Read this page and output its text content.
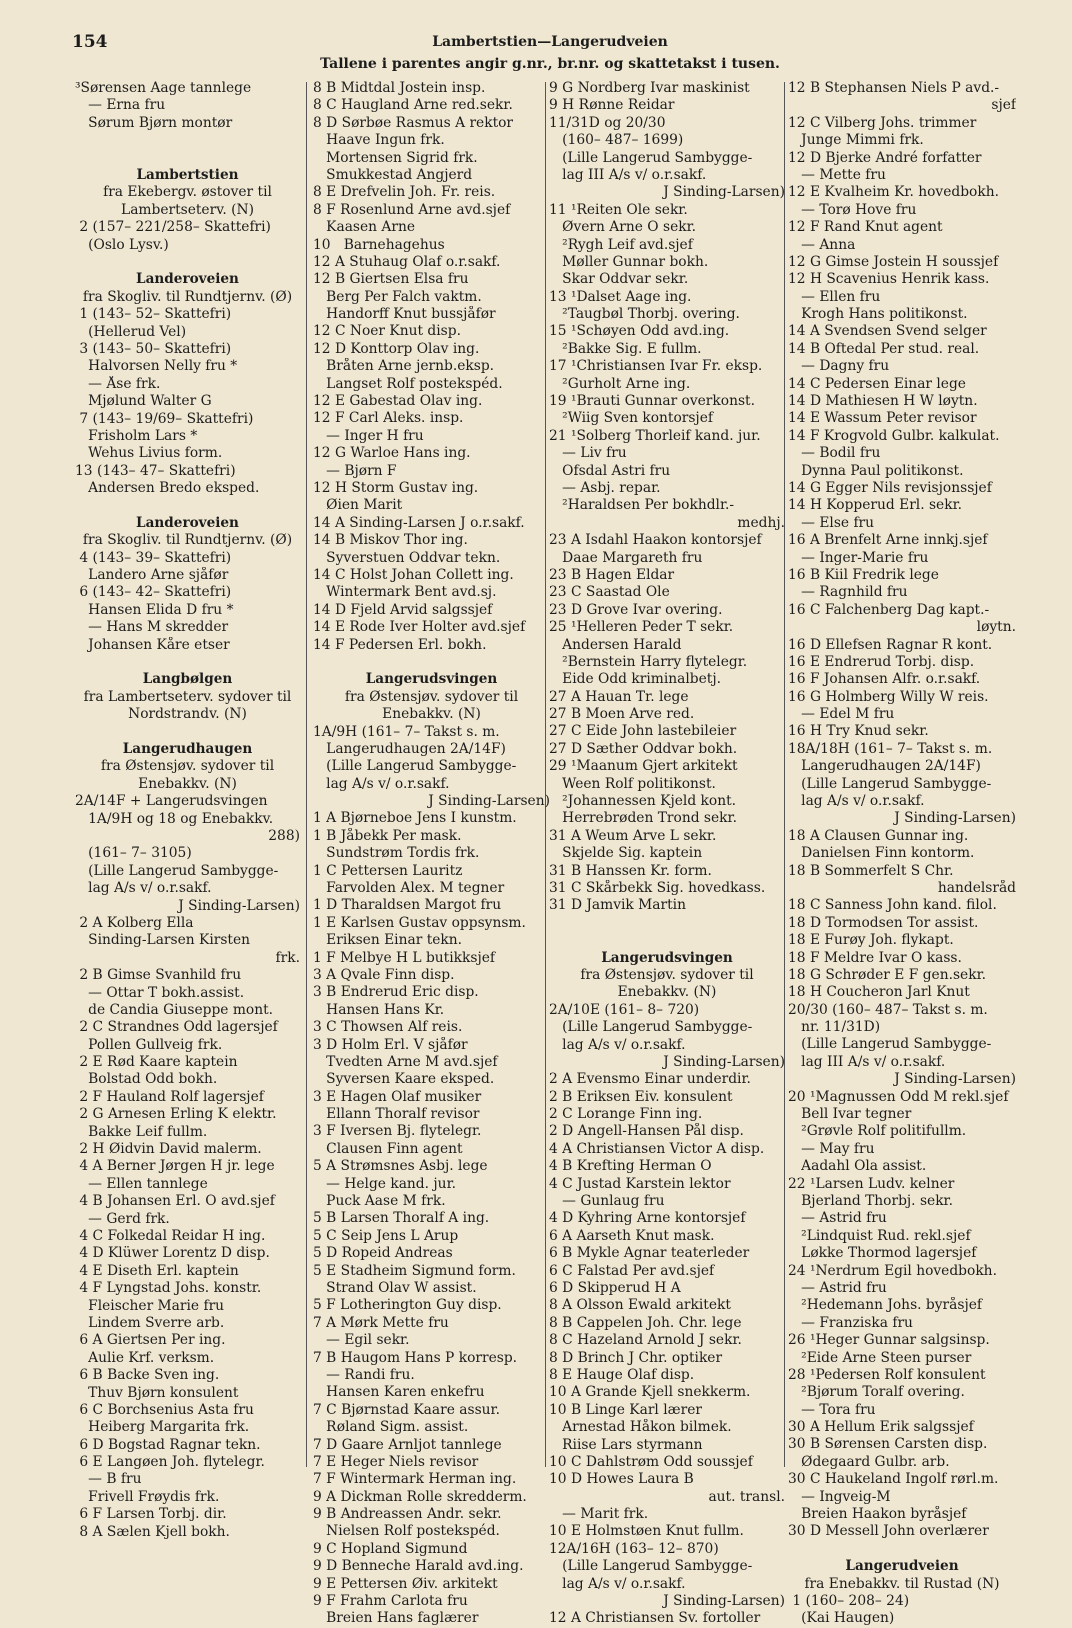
154	Lambertstien—Langerudveien
Tallene i parentes angir g.nr., br.nr. og skattetakst i tusen.
³Sørensen Aage tannlege
— Erna fru
Sørum Bjørn montør
Lambertstien
fra Ekebergv. østover til
Lambertseterv. (N)
2 (157– 221/258– Skattefri)
(Oslo Lysv.)
Landeroveien
fra Skogliv. til Rundtjernv. (Ø)
1 (143– 52– Skattefri)
(Hellerud Vel)
3 (143– 50– Skattefri)
Halvorsen Nelly fru *
— Åse frk.
Mjølund Walter G
7 (143– 19/69– Skattefri)
Frisholm Lars *
Wehus Livius form.
13 (143– 47– Skattefri)
Andersen Bredo eksped.
Landeroveien
fra Skogliv. til Rundtjernv. (Ø)
4 (143– 39– Skattefri)
Landero Arne sjåfør
6 (143– 42– Skattefri)
Hansen Elida D fru *
— Hans M skredder
Johansen Kåre etser
Langbølgen
fra Lambertseterv. sydover til
Nordstrandv. (N)
Langerudhaugen
fra Østensjøv. sydover til
Enebakkv. (N)
2A/14F + Langerudsvingen
1A/9H og 18 og Enebakkv.
288)
(161– 7– 3105)
(Lille Langerud Sambygge-
lag A/s v/ o.r.sakf.
J Sinding-Larsen)
2 A Kolberg Ella
Sinding-Larsen Kirsten
frk.
2 B Gimse Svanhild fru
— Ottar T bokh.assist.
de Candia Giuseppe mont.
2 C Strandnes Odd lagersjef
Pollen Gullveig frk.
2 E Rød Kaare kaptein
Bolstad Odd bokh.
2 F Hauland Rolf lagersjef
2 G Arnesen Erling K elektr.
Bakke Leif fullm.
2 H Øidvin David malerm.
4 A Berner Jørgen H jr. lege
— Ellen tannlege
4 B Johansen Erl. O avd.sjef
— Gerd frk.
4 C Folkedal Reidar H ing.
4 D Klüwer Lorentz D disp.
4 E Diseth Erl. kaptein
4 F Lyngstad Johs. konstr.
Fleischer Marie fru
Lindem Sverre arb.
6 A Giertsen Per ing.
Aulie Krf. verksm.
6 B Backe Sven ing.
Thuv Bjørn konsulent
6 C Borchsenius Asta fru
Heiberg Margarita frk.
6 D Bogstad Ragnar tekn.
6 E Langøen Joh. flytelegr.
— B fru
Frivell Frøydis frk.
6 F Larsen Torbj. dir.
8 A Sælen Kjell bokh.
8 B Midtdal Jostein insp.
8 C Haugland Arne red.sekr.
8 D Sørbøe Rasmus A rektor
Haave Ingun frk.
Mortensen Sigrid frk.
Smukkestad Angjerd
8 E Drefvelin Joh. Fr. reis.
8 F Rosenlund Arne avd.sjef
Kaasen Arne
10   Barnehagehus
12 A Stuhaug Olaf o.r.sakf.
12 B Giertsen Elsa fru
Berg Per Falch vaktm.
Handorff Knut bussjåfør
12 C Noer Knut disp.
12 D Konttorp Olav ing.
Bråten Arne jernb.eksp.
Langset Rolf postekspéd.
12 E Gabestad Olav ing.
12 F Carl Aleks. insp.
— Inger H fru
12 G Warloe Hans ing.
— Bjørn F
12 H Storm Gustav ing.
Øien Marit
14 A Sinding-Larsen J o.r.sakf.
14 B Miskov Thor ing.
Syverstuen Oddvar tekn.
14 C Holst Johan Collett ing.
Wintermark Bent avd.sj.
14 D Fjeld Arvid salgssjef
14 E Rode Iver Holter avd.sjef
14 F Pedersen Erl. bokh.
Langerudsvingen
fra Østensjøv. sydover til
Enebakkv. (N)
1A/9H (161– 7– Takst s. m.
Langerudhaugen 2A/14F)
(Lille Langerud Sambygge-
lag A/s v/ o.r.sakf.
J Sinding-Larsen)
1 A Bjørneboe Jens I kunstm.
1 B Jåbekk Per mask.
Sundstrøm Tordis frk.
1 C Pettersen Lauritz
Farvolden Alex. M tegner
1 D Tharaldsen Margot fru
1 E Karlsen Gustav oppsynsm.
Eriksen Einar tekn.
1 F Melbye H L butikksjef
3 A Qvale Finn disp.
3 B Endrerud Eric disp.
Hansen Hans Kr.
3 C Thowsen Alf reis.
3 D Holm Erl. V sjåfør
Tvedten Arne M avd.sjef
Syversen Kaare eksped.
3 E Hagen Olaf musiker
Ellann Thoralf revisor
3 F Iversen Bj. flytelegr.
Clausen Finn agent
5 A Strømsnes Asbj. lege
— Helge kand. jur.
Puck Aase M frk.
5 B Larsen Thoralf A ing.
5 C Seip Jens L Arup
5 D Ropeid Andreas
5 E Stadheim Sigmund form.
Strand Olav W assist.
5 F Lotherington Guy disp.
7 A Mørk Mette fru
— Egil sekr.
7 B Haugom Hans P korresp.
— Randi fru.
Hansen Karen enkefru
7 C Bjørnstad Kaare assur.
Røland Sigm. assist.
7 D Gaare Arnljot tannlege
7 E Heger Niels revisor
7 F Wintermark Herman ing.
9 A Dickman Rolle skredderm.
9 B Andreassen Andr. sekr.
Nielsen Rolf postekspéd.
9 C Hopland Sigmund
9 D Benneche Harald avd.ing.
9 E Pettersen Øiv. arkitekt
9 F Frahm Carlota fru
Breien Hans faglærer
9 G Nordberg Ivar maskinist
9 H Rønne Reidar
11/31D og 20/30
(160– 487– 1699)
(Lille Langerud Sambygge-
lag III A/s v/ o.r.sakf.
J Sinding-Larsen)
11 ¹Reiten Ole sekr.
Øvern Arne O sekr.
²Rygh Leif avd.sjef
Møller Gunnar bokh.
Skar Oddvar sekr.
13 ¹Dalset Aage ing.
²Taugbøl Thorbj. overing.
15 ¹Schøyen Odd avd.ing.
²Bakke Sig. E fullm.
17 ¹Christiansen Ivar Fr. eksp.
²Gurholt Arne ing.
19 ¹Brauti Gunnar overkonst.
²Wiig Sven kontorsjef
21 ¹Solberg Thorleif kand. jur.
— Liv fru
Ofsdal Astri fru
— Asbj. repar.
²Haraldsen Per bokhdlr.-
medhj.
23 A Isdahl Haakon kontorsjef
Daae Margareth fru
23 B Hagen Eldar
23 C Saastad Ole
23 D Grove Ivar overing.
25 ¹Helleren Peder T sekr.
Andersen Harald
²Bernstein Harry flytelegr.
Eide Odd kriminalbetj.
27 A Hauan Tr. lege
27 B Moen Arve red.
27 C Eide John lastebileier
27 D Sæther Oddvar bokh.
29 ¹Maanum Gjert arkitekt
Ween Rolf politikonst.
²Johannessen Kjeld kont.
Herrebrøden Trond sekr.
31 A Weum Arve L sekr.
Skjelde Sig. kaptein
31 B Hanssen Kr. form.
31 C Skårbekk Sig. hovedkass.
31 D Jamvik Martin
Langerudsvingen
fra Østensjøv. sydover til
Enebakkv. (N)
2A/10E (161– 8– 720)
(Lille Langerud Sambygge-
lag A/s v/ o.r.sakf.
J Sinding-Larsen)
2 A Evensmo Einar underdir.
2 B Eriksen Eiv. konsulent
2 C Lorange Finn ing.
2 D Angell-Hansen Pål disp.
4 A Christiansen Victor A disp.
4 B Krefting Herman O
4 C Justad Karstein lektor
— Gunlaug fru
4 D Kyhring Arne kontorsjef
6 A Aarseth Knut mask.
6 B Mykle Agnar teaterleder
6 C Falstad Per avd.sjef
6 D Skipperud H A
8 A Olsson Ewald arkitekt
8 B Cappelen Joh. Chr. lege
8 C Hazeland Arnold J sekr.
8 D Brinch J Chr. optiker
8 E Hauge Olaf disp.
10 A Grande Kjell snekkerm.
10 B Linge Karl lærer
Arnestad Håkon bilmek.
Riise Lars styrmann
10 C Dahlstrøm Odd soussjef
10 D Howes Laura B
aut. transl.
— Marit frk.
10 E Holmstøen Knut fullm.
12A/16H (163– 12– 870)
(Lille Langerud Sambygge-
lag A/s v/ o.r.sakf.
J Sinding-Larsen)
12 A Christiansen Sv. fortoller
12 B Stephansen Niels P avd.-
sjef
12 C Vilberg Johs. trimmer
Junge Mimmi frk.
12 D Bjerke André forfatter
— Mette fru
12 E Kvalheim Kr. hovedbokh.
— Torø Hove fru
12 F Rand Knut agent
— Anna
12 G Gimse Jostein H soussjef
12 H Scavenius Henrik kass.
— Ellen fru
Krogh Hans politikonst.
14 A Svendsen Svend selger
14 B Oftedal Per stud. real.
— Dagny fru
14 C Pedersen Einar lege
14 D Mathiesen H W løytn.
14 E Wassum Peter revisor
14 F Krogvold Gulbr. kalkulat.
— Bodil fru
Dynna Paul politikonst.
14 G Egger Nils revisjonssjef
14 H Kopperud Erl. sekr.
— Else fru
16 A Brenfelt Arne innkj.sjef
— Inger-Marie fru
16 B Kiil Fredrik lege
— Ragnhild fru
16 C Falchenberg Dag kapt.-
løytn.
16 D Ellefsen Ragnar R kont.
16 E Endrerud Torbj. disp.
16 F Johansen Alfr. o.r.sakf.
16 G Holmberg Willy W reis.
— Edel M fru
16 H Try Knud sekr.
18A/18H (161– 7– Takst s. m.
Langerudhaugen 2A/14F)
(Lille Langerud Sambygge-
lag A/s v/ o.r.sakf.
J Sinding-Larsen)
18 A Clausen Gunnar ing.
Danielsen Finn kontorm.
18 B Sommerfelt S Chr.
handelsråd
18 C Sanness John kand. filol.
18 D Tormodsen Tor assist.
18 E Furøy Joh. flykapt.
18 F Meldre Ivar O kass.
18 G Schrøder E F gen.sekr.
18 H Coucheron Jarl Knut
20/30 (160– 487– Takst s. m.
nr. 11/31D)
(Lille Langerud Sambygge-
lag III A/s v/ o.r.sakf.
J Sinding-Larsen)
20 ¹Magnussen Odd M rekl.sjef
Bell Ivar tegner
²Grøvle Rolf politifullm.
— May fru
Aadahl Ola assist.
22 ¹Larsen Ludv. kelner
Bjerland Thorbj. sekr.
— Astrid fru
²Lindquist Rud. rekl.sjef
Løkke Thormod lagersjef
24 ¹Nerdrum Egil hovedbokh.
— Astrid fru
²Hedemann Johs. byråsjef
— Franziska fru
26 ¹Heger Gunnar salgsinsp.
²Eide Arne Steen purser
28 ¹Pedersen Rolf konsulent
²Bjørum Toralf overing.
— Tora fru
30 A Hellum Erik salgssjef
30 B Sørensen Carsten disp.
Ødegaard Gulbr. arb.
30 C Haukeland Ingolf rørl.m.
— Ingveig-M
Breien Haakon byråsjef
30 D Messell John overlærer
Langerudveien
fra Enebakkv. til Rustad (N)
1 (160– 208– 24)
(Kai Haugen)
